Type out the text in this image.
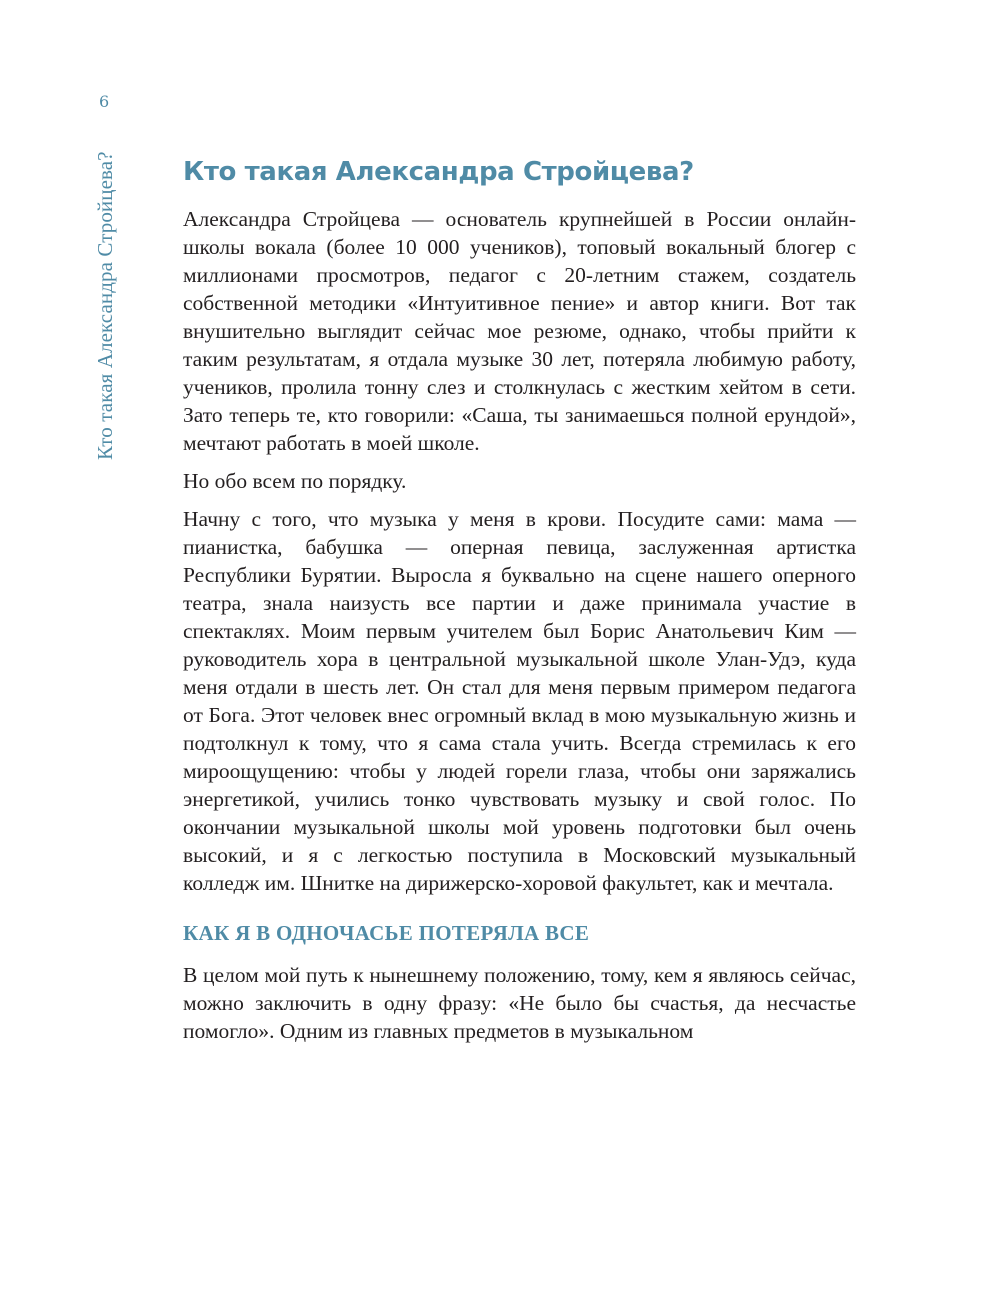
6
Кто такая Александра Стройцева?	Кто такая Александра Стройцева?

Александра Стройцева — основатель крупнейшей в России онлайн-школы вокала (более 10 000 учеников), топовый вокальный блогер с миллионами просмотров, педагог с 20-летним стажем, создатель собственной методики «Интуитивное пение» и автор книги. Вот так внушительно выглядит сейчас мое резюме, однако, чтобы прийти к таким результатам, я отдала музыке 30 лет, потеряла любимую работу, учеников, пролила тонну слез и столкнулась с жестким хейтом в сети. Зато теперь те, кто говорили: «Саша, ты занимаешься полной ерундой», мечтают работать в моей школе.

Но обо всем по порядку.

Начну с того, что музыка у меня в крови. Посудите сами: мама — пианистка, бабушка — оперная певица, заслуженная артистка Республики Бурятии. Выросла я буквально на сцене нашего оперного театра, знала наизусть все партии и даже принимала участие в спектаклях. Моим первым учителем был Борис Анатольевич Ким — руководитель хора в центральной музыкальной школе Улан-Удэ, куда меня отдали в шесть лет. Он стал для меня первым примером педагога от Бога. Этот человек внес огромный вклад в мою музыкальную жизнь и подтолкнул к тому, что я сама стала учить. Всегда стремилась к его мироощущению: чтобы у людей горели глаза, чтобы они заряжались энергетикой, учились тонко чувствовать музыку и свой голос. По окончании музыкальной школы мой уровень подготовки был очень высокий, и я с легкостью поступила в Московский музыкальный колледж им. Шнитке на дирижерско-хоровой факультет, как и мечтала.

КАК Я В ОДНОЧАСЬЕ ПОТЕРЯЛА ВСЕ

В целом мой путь к нынешнему положению, тому, кем я являюсь сейчас, можно заключить в одну фразу: «Не было бы счастья, да несчастье помогло». Одним из главных предметов в музыкальном
